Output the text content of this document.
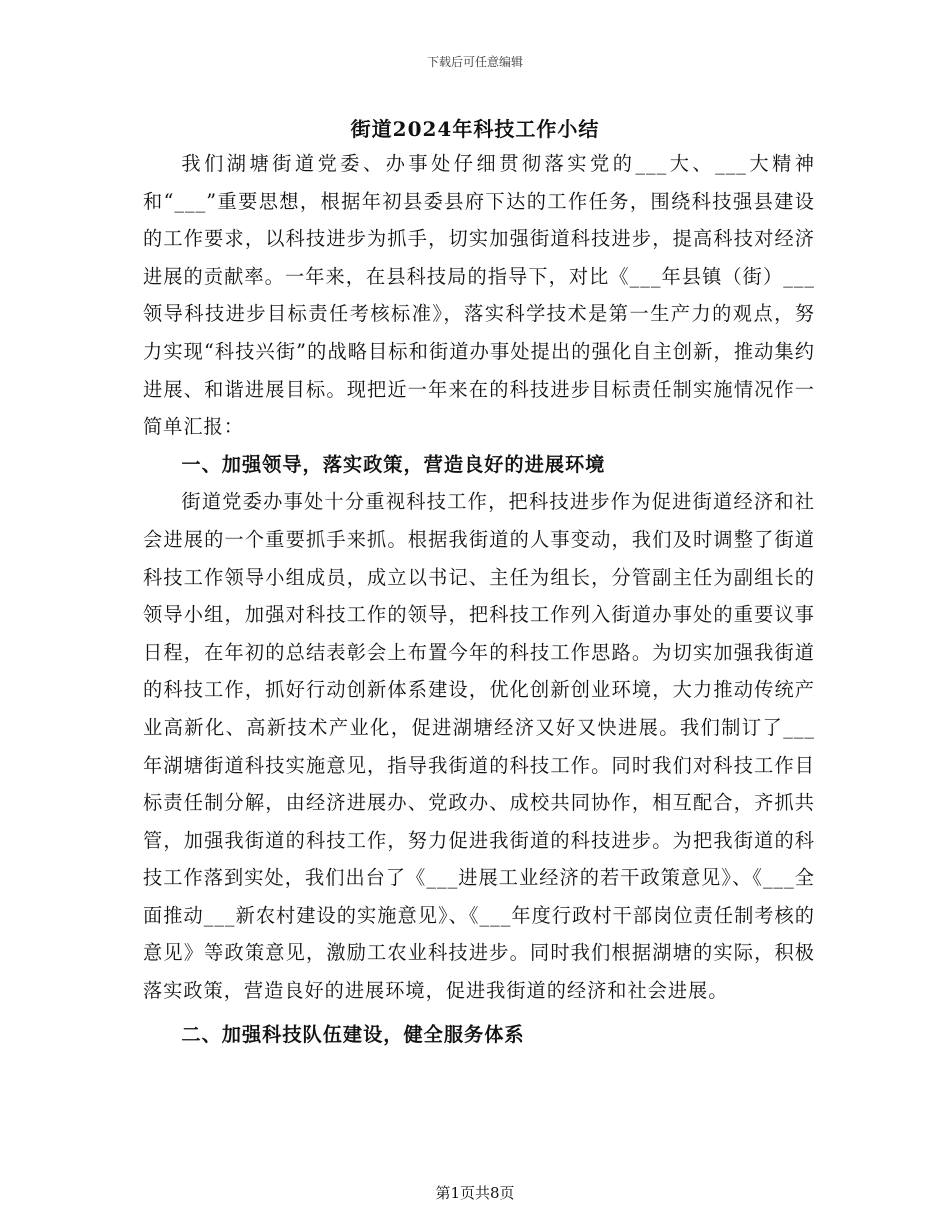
下载后可任意编辑
街道2024年科技工作小结

我们湖塘街道党委、办事处仔细贯彻落实党的___大、___大精神和“___”重要思想，根据年初县委县府下达的工作任务，围绕科技强县建设的工作要求，以科技进步为抓手，切实加强街道科技进步，提高科技对经济进展的贡献率。一年来，在县科技局的指导下，对比《___年县镇（街）___领导科技进步目标责任考核标准》，落实科学技术是第一生产力的观点，努力实现“科技兴街”的战略目标和街道办事处提出的强化自主创新，推动集约进展、和谐进展目标。现把近一年来在的科技进步目标责任制实施情况作一简单汇报：

一、加强领导，落实政策，营造良好的进展环境

街道党委办事处十分重视科技工作，把科技进步作为促进街道经济和社会进展的一个重要抓手来抓。根据我街道的人事变动，我们及时调整了街道科技工作领导小组成员，成立以书记、主任为组长，分管副主任为副组长的领导小组，加强对科技工作的领导，把科技工作列入街道办事处的重要议事日程，在年初的总结表彰会上布置今年的科技工作思路。为切实加强我街道的科技工作，抓好行动创新体系建设，优化创新创业环境，大力推动传统产业高新化、高新技术产业化，促进湖塘经济又好又快进展。我们制订了___年湖塘街道科技实施意见，指导我街道的科技工作。同时我们对科技工作目标责任制分解，由经济进展办、党政办、成校共同协作，相互配合，齐抓共管，加强我街道的科技工作，努力促进我街道的科技进步。为把我街道的科技工作落到实处，我们出台了《___进展工业经济的若干政策意见》、《___全面推动___新农村建设的实施意见》、《___年度行政村干部岗位责任制考核的意见》等政策意见，激励工农业科技进步。同时我们根据湖塘的实际，积极落实政策，营造良好的进展环境，促进我街道的经济和社会进展。

二、加强科技队伍建设，健全服务体系
第1页共8页
